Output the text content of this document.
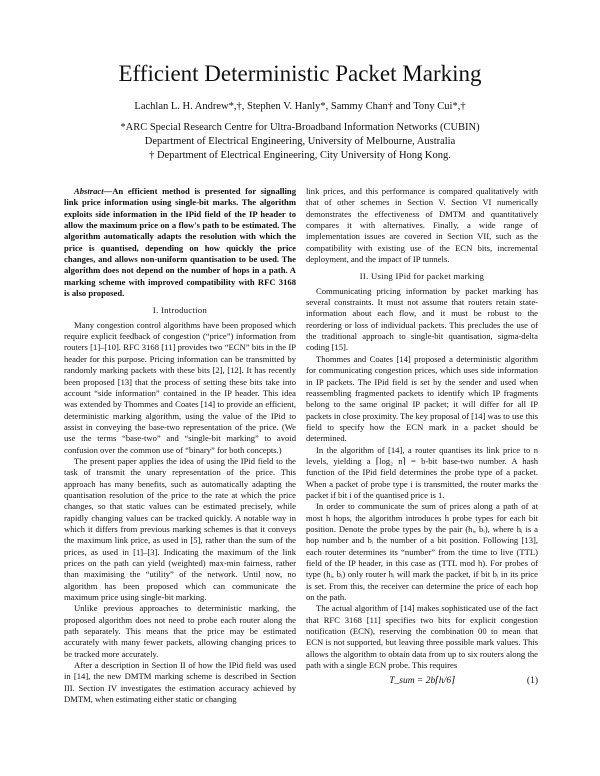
Efficient Deterministic Packet Marking
Lachlan L. H. Andrew*,†, Stephen V. Hanly*, Sammy Chan† and Tony Cui*,†
*ARC Special Research Centre for Ultra-Broadband Information Networks (CUBIN)
Department of Electrical Engineering, University of Melbourne, Australia
† Department of Electrical Engineering, City University of Hong Kong.

Abstract—An efficient method is presented for signalling link price information using single-bit marks. The algorithm exploits side information in the IPid field of the IP header to allow the maximum price on a flow's path to be estimated. The algorithm automatically adapts the resolution with which the price is quantised, depending on how quickly the price changes, and allows non-uniform quantisation to be used. The algorithm does not depend on the number of hops in a path. A marking scheme with improved compatibility with RFC 3168 is also proposed.

I. Introduction

Many congestion control algorithms have been proposed which require explicit feedback of congestion (“price”) information from routers [1]–[10]. RFC 3168 [11] provides two “ECN” bits in the IP header for this purpose. Pricing information can be transmitted by randomly marking packets with these bits [2], [12]. It has recently been proposed [13] that the process of setting these bits take into account “side information” contained in the IP header. This idea was extended by Thommes and Coates [14] to provide an efficient, deterministic marking algorithm, using the value of the IPid to assist in conveying the base-two representation of the price. (We use the terms “base-two” and “single-bit marking” to avoid confusion over the common use of “binary” for both concepts.)

The present paper applies the idea of using the IPid field to the task of transmit the unary representation of the price. This approach has many benefits, such as automatically adapting the quantisation resolution of the price to the rate at which the price changes, so that static values can be estimated precisely, while rapidly changing values can be tracked quickly. A notable way in which it differs from previous marking schemes is that it conveys the maximum link price, as used in [5], rather than the sum of the prices, as used in [1]–[3]. Indicating the maximum of the link prices on the path can yield (weighted) max-min fairness, rather than maximising the “utility” of the network. Until now, no algorithm has been proposed which can communicate the maximum price using single-bit marking.

Unlike previous approaches to deterministic marking, the proposed algorithm does not need to probe each router along the path separately. This means that the price may be estimated accurately with many fewer packets, allowing changing prices to be tracked more accurately.

After a description in Section II of how the IPid field was used in [14], the new DMTM marking scheme is described in Section III. Section IV investigates the estimation accuracy achieved by DMTM, when estimating either static or changing

link prices, and this performance is compared qualitatively with that of other schemes in Section V. Section VI numerically demonstrates the effectiveness of DMTM and quantitatively compares it with alternatives. Finally, a wide range of implementation issues are covered in Section VII, such as the compatibility with existing use of the ECN bits, incremental deployment, and the impact of IP tunnels.

II. Using IPid for packet marking

Communicating pricing information by packet marking has several constraints. It must not assume that routers retain state-information about each flow, and it must be robust to the reordering or loss of individual packets. This precludes the use of the traditional approach to single-bit quantisation, sigma-delta coding [15].

Thommes and Coates [14] proposed a deterministic algorithm for communicating congestion prices, which uses side information in IP packets. The IPid field is set by the sender and used when reassembling fragmented packets to identify which IP fragments belong to the same original IP packet; it will differ for all IP packets in close proximity. The key proposal of [14] was to use this field to specify how the ECN mark in a packet should be determined.

In the algorithm of [14], a router quantises its link price to n levels, yielding a ⌈log₂ n⌉ = b-bit base-two number. A hash function of the IPid field determines the probe type of a packet. When a packet of probe type i is transmitted, the router marks the packet if bit i of the quantised price is 1.

In order to communicate the sum of prices along a path of at most h hops, the algorithm introduces h probe types for each bit position. Denote the probe types by the pair (hᵢ, bᵢ), where hᵢ is a hop number and bᵢ the number of a bit position. Following [13], each router determines its “number” from the time to live (TTL) field of the IP header, in this case as (TTL mod h). For probes of type (hᵢ, bᵢ) only router hᵢ will mark the packet, if bit bᵢ in its price is set. From this, the receiver can determine the price of each hop on the path.

The actual algorithm of [14] makes sophisticated use of the fact that RFC 3168 [11] specifies two bits for explicit congestion notification (ECN), reserving the combination 00 to mean that ECN is not supported, but leaving three possible mark values. This allows the algorithm to obtain data from up to six routers along the path with a single ECN probe. This requires

T_sum = 2b⌈h/6⌉	(1)
